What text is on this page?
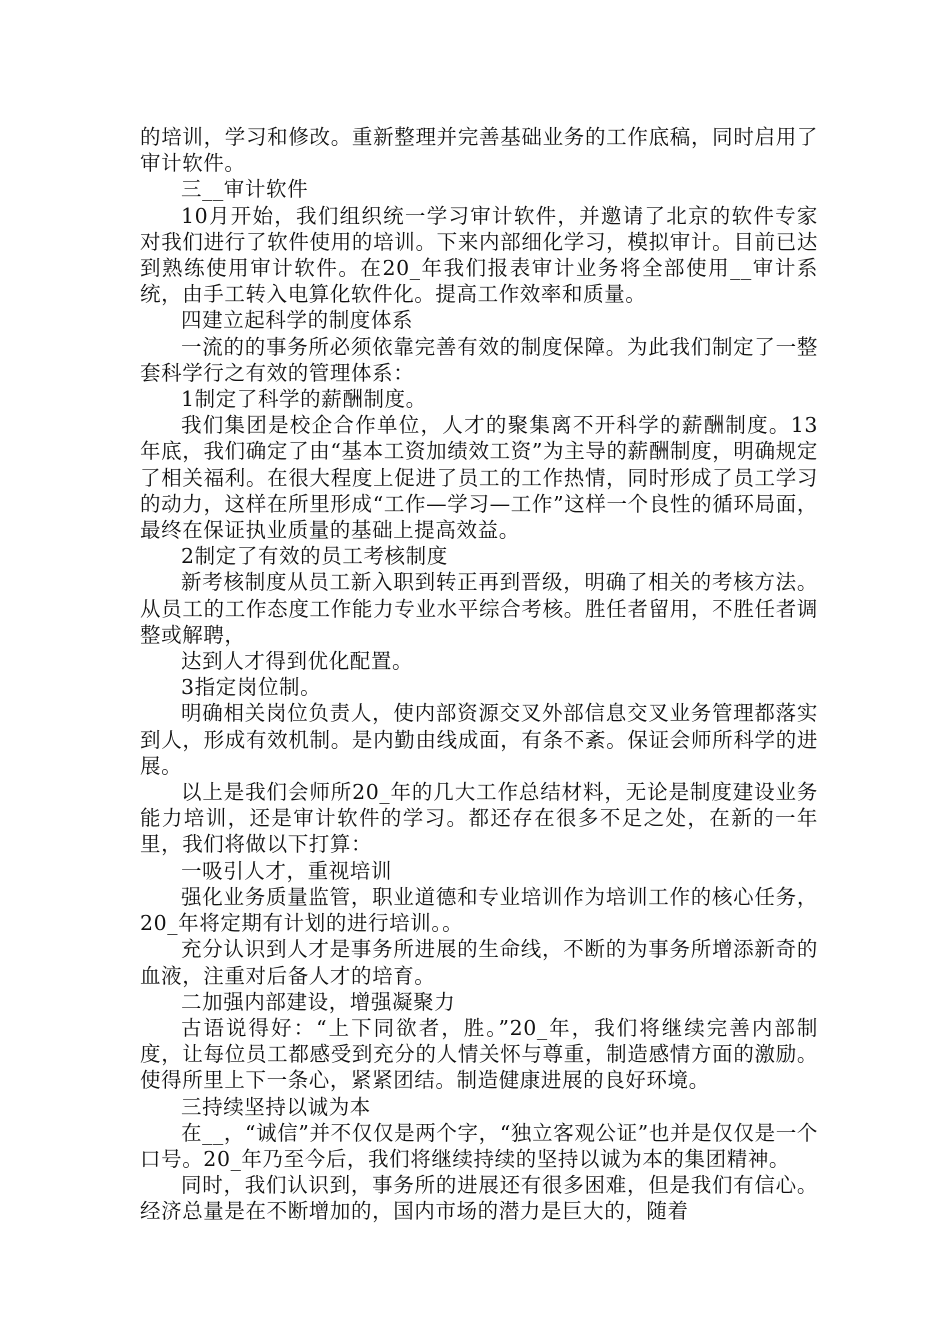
的培训，学习和修改。重新整理并完善基础业务的工作底稿，同时启用了审计软件。

三__审计软件

10月开始，我们组织统一学习审计软件，并邀请了北京的软件专家对我们进行了软件使用的培训。下来内部细化学习，模拟审计。目前已达到熟练使用审计软件。在20_年我们报表审计业务将全部使用__审计系统，由手工转入电算化软件化。提高工作效率和质量。

四建立起科学的制度体系

一流的的事务所必须依靠完善有效的制度保障。为此我们制定了一整套科学行之有效的管理体系：

1制定了科学的薪酬制度。

我们集团是校企合作单位，人才的聚集离不开科学的薪酬制度。13年底，我们确定了由“基本工资加绩效工资”为主导的薪酬制度，明确规定了相关福利。在很大程度上促进了员工的工作热情，同时形成了员工学习的动力，这样在所里形成“工作—学习—工作”这样一个良性的循环局面，最终在保证执业质量的基础上提高效益。

2制定了有效的员工考核制度

新考核制度从员工新入职到转正再到晋级，明确了相关的考核方法。从员工的工作态度工作能力专业水平综合考核。胜任者留用，不胜任者调整或解聘，

达到人才得到优化配置。

3指定岗位制。

明确相关岗位负责人，使内部资源交叉外部信息交叉业务管理都落实到人，形成有效机制。是内勤由线成面，有条不紊。保证会师所科学的进展。

以上是我们会师所20_年的几大工作总结材料，无论是制度建设业务能力培训，还是审计软件的学习。都还存在很多不足之处，在新的一年里，我们将做以下打算：

一吸引人才，重视培训

强化业务质量监管，职业道德和专业培训作为培训工作的核心任务，20_年将定期有计划的进行培训。。

充分认识到人才是事务所进展的生命线，不断的为事务所增添新奇的血液，注重对后备人才的培育。

二加强内部建设，增强凝聚力

古语说得好：“上下同欲者，胜。”20_年，我们将继续完善内部制度，让每位员工都感受到充分的人情关怀与尊重，制造感情方面的激励。使得所里上下一条心，紧紧团结。制造健康进展的良好环境。

三持续坚持以诚为本

在__，“诚信”并不仅仅是两个字，“独立客观公证”也并是仅仅是一个口号。20_年乃至今后，我们将继续持续的坚持以诚为本的集团精神。

同时，我们认识到，事务所的进展还有很多困难，但是我们有信心。经济总量是在不断增加的，国内市场的潜力是巨大的，随着
